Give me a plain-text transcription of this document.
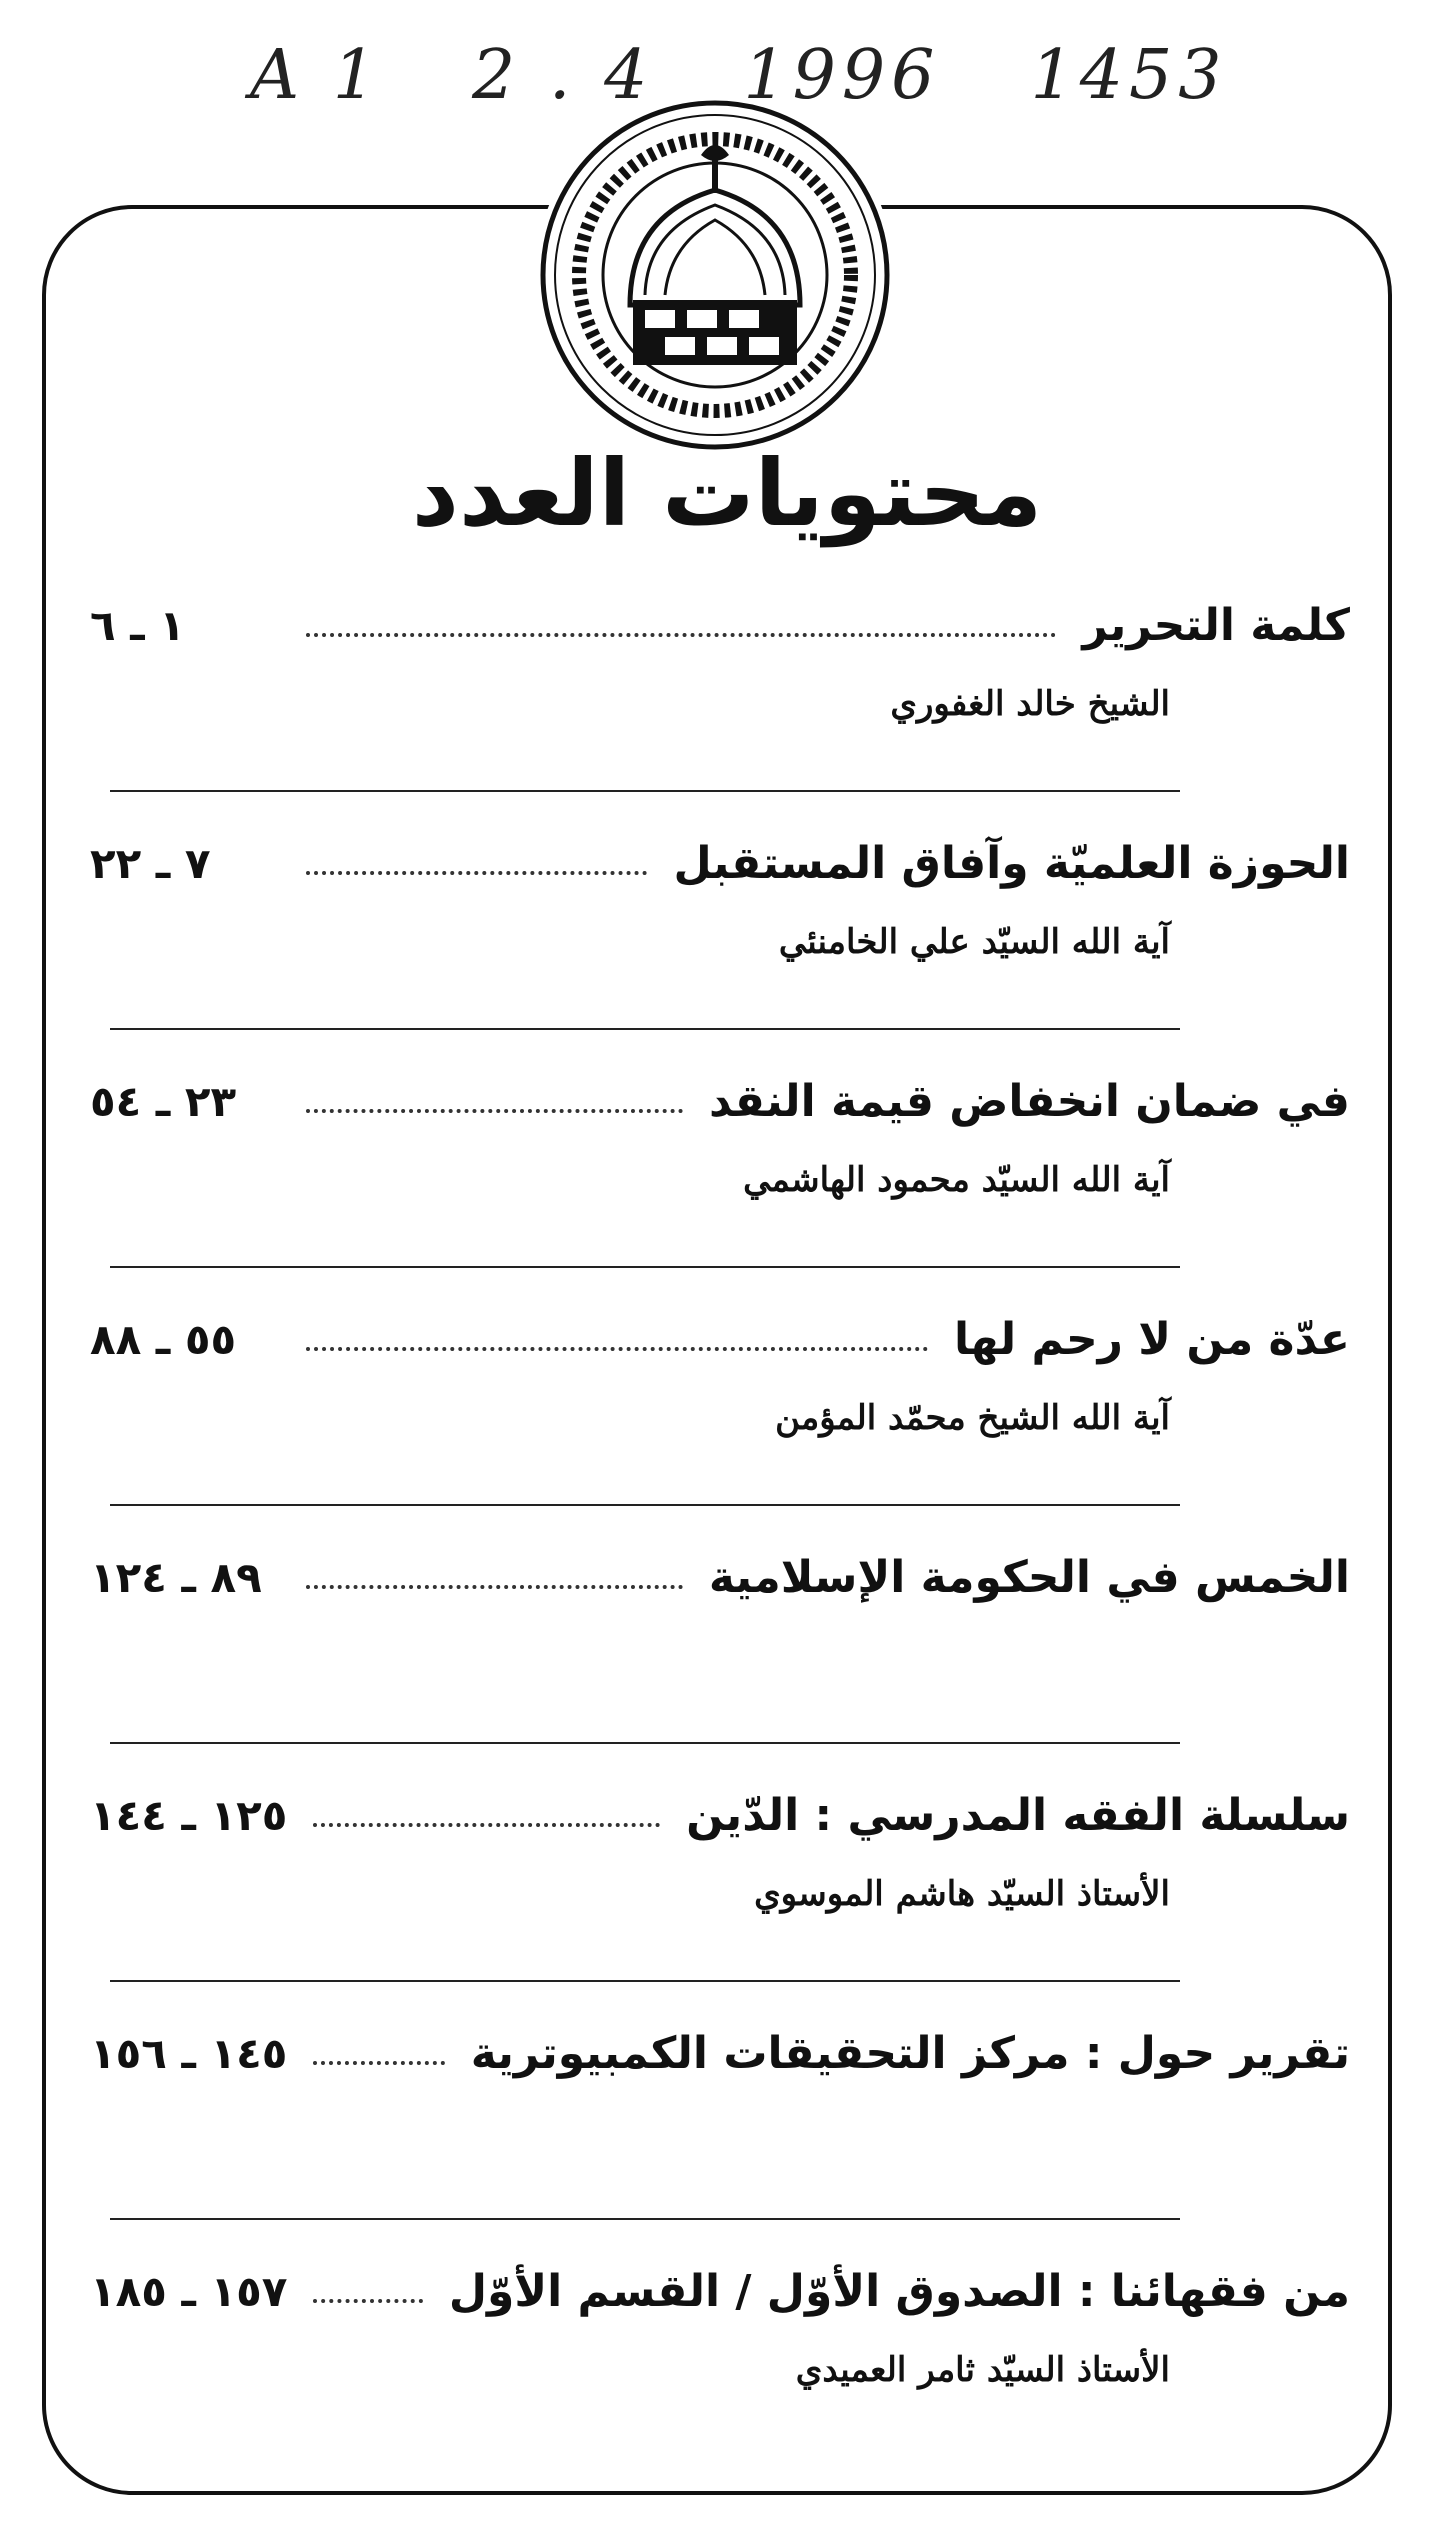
A 1 2 . 4 1996 1453
محتويات العدد
كلمة التحرير
١ ـ ٦
الشيخ خالد الغفوري
الحوزة العلميّة وآفاق المستقبل
٧ ـ ٢٢
آية الله السيّد علي الخامنئي
في ضمان انخفاض قيمة النقد
٢٣ ـ ٥٤
آية الله السيّد محمود الهاشمي
عدّة من لا رحم لها
٥٥ ـ ٨٨
آية الله الشيخ محمّد المؤمن
الخمس في الحكومة الإسلامية
٨٩ ـ ١٢٤
سلسلة الفقه المدرسي : الدّين
١٢٥ ـ ١٤٤
الأستاذ السيّد هاشم الموسوي
تقرير حول : مركز التحقيقات الكمبيوترية
١٤٥ ـ ١٥٦
من فقهائنا : الصدوق الأوّل / القسم الأوّل
١٥٧ ـ ١٨٥
الأستاذ السيّد ثامر العميدي
